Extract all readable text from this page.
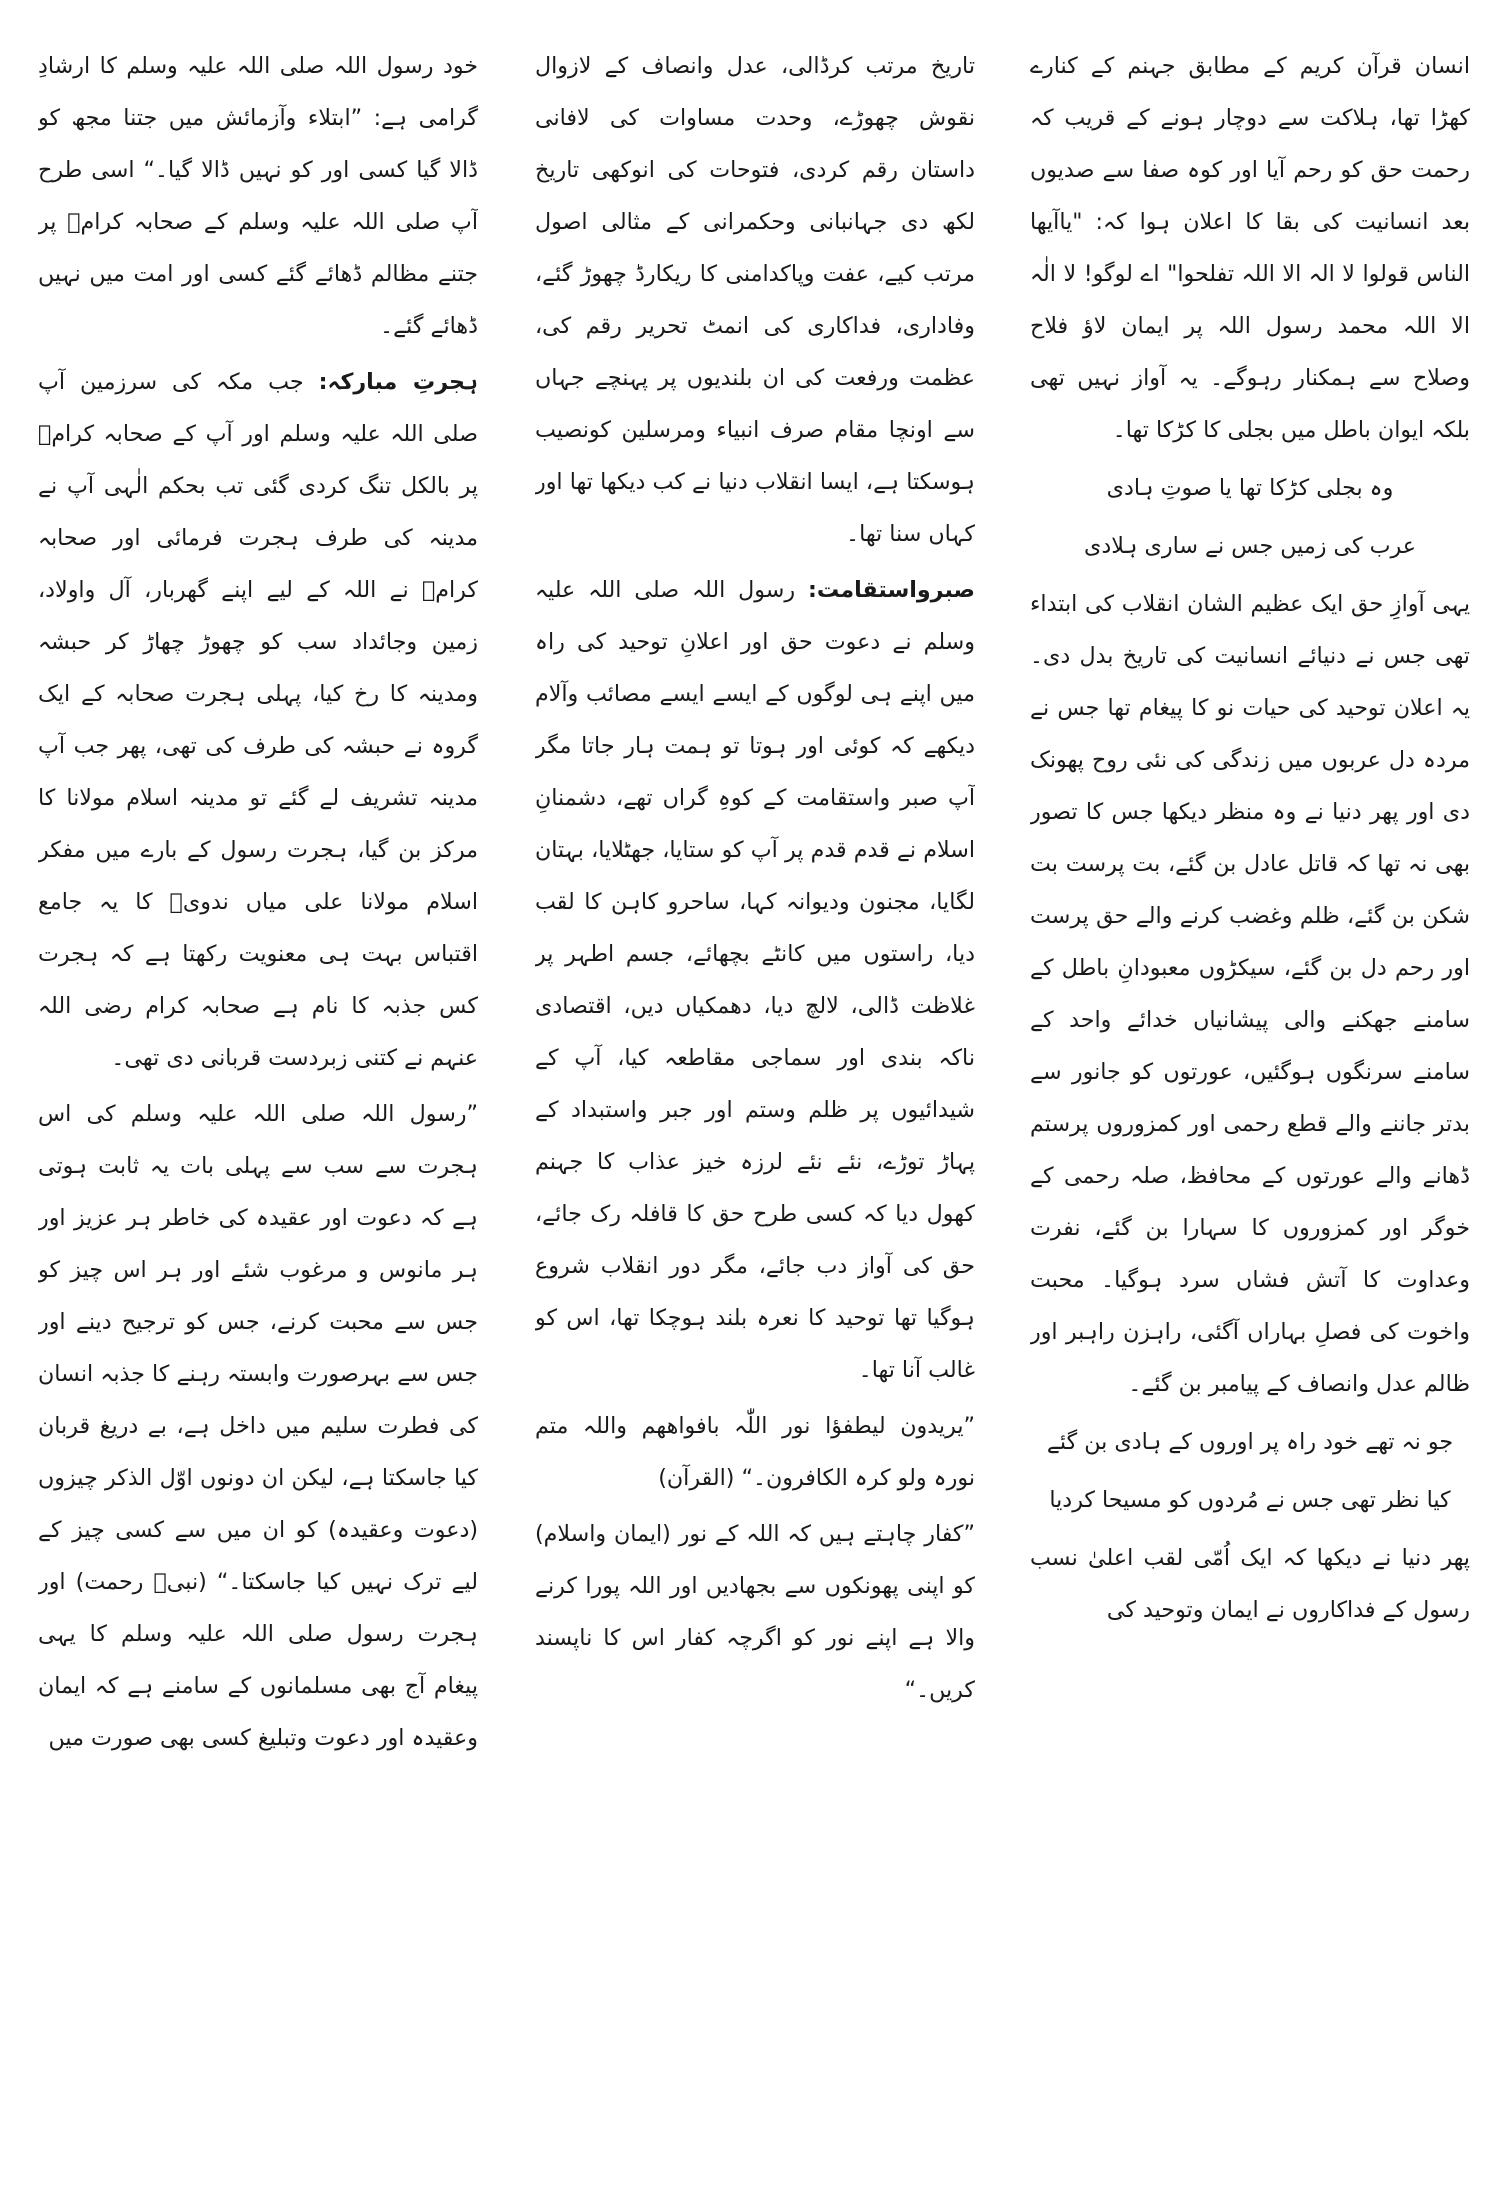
انسان قرآن کریم کے مطابق جہنم کے کنارے کھڑا تھا، ہلاکت سے دوچار ہونے کے قریب کہ رحمت حق کو رحم آیا اور کوہ صفا سے صدیوں بعد انسانیت کی بقا کا اعلان ہوا کہ: "یاآیھا الناس قولوا لا الہ الا اللہ تفلحوا" اے لوگو! لا الٰہ الا اللہ محمد رسول اللہ پر ایمان لاؤ فلاح وصلاح سے ہمکنار رہوگے۔ یہ آواز نہیں تھی بلکہ ایوان باطل میں بجلی کا کڑکا تھا۔

وہ بجلی کڑکا تھا یا صوتِ ہادی

عرب کی زمیں جس نے ساری ہلادی

یہی آوازِ حق ایک عظیم الشان انقلاب کی ابتداء تھی جس نے دنیائے انسانیت کی تاریخ بدل دی۔ یہ اعلان توحید کی حیات نو کا پیغام تھا جس نے مردہ دل عربوں میں زندگی کی نئی روح پھونک دی اور پھر دنیا نے وہ منظر دیکھا جس کا تصور بھی نہ تھا کہ قاتل عادل بن گئے، بت پرست بت شکن بن گئے، ظلم وغضب کرنے والے حق پرست اور رحم دل بن گئے، سیکڑوں معبودانِ باطل کے سامنے جھکنے والی پیشانیاں خدائے واحد کے سامنے سرنگوں ہوگئیں، عورتوں کو جانور سے بدتر جاننے والے قطع رحمی اور کمزوروں پرستم ڈھانے والے عورتوں کے محافظ، صلہ رحمی کے خوگر اور کمزوروں کا سہارا بن گئے، نفرت وعداوت کا آتش فشاں سرد ہوگیا۔ محبت واخوت کی فصلِ بہاراں آگئی، راہزن راہبر اور ظالم عدل وانصاف کے پیامبر بن گئے۔

جو نہ تھے خود راہ پر اوروں کے ہادی بن گئے

کیا نظر تھی جس نے مُردوں کو مسیحا کردیا

پھر دنیا نے دیکھا کہ ایک اُمّی لقب اعلیٰ نسب رسول کے فداکاروں نے ایمان وتوحید کی

تاریخ مرتب کرڈالی، عدل وانصاف کے لازوال نقوش چھوڑے، وحدت مساوات کی لافانی داستان رقم کردی، فتوحات کی انوکھی تاریخ لکھ دی جہانبانی وحکمرانی کے مثالی اصول مرتب کیے، عفت وپاکدامنی کا ریکارڈ چھوڑ گئے، وفاداری، فداکاری کی انمٹ تحریر رقم کی، عظمت ورفعت کی ان بلندیوں پر پہنچے جہاں سے اونچا مقام صرف انبیاء ومرسلین کونصیب ہوسکتا ہے، ایسا انقلاب دنیا نے کب دیکھا تھا اور کہاں سنا تھا۔

صبرواستقامت: رسول اللہ صلی اللہ علیہ وسلم نے دعوت حق اور اعلانِ توحید کی راہ میں اپنے ہی لوگوں کے ایسے ایسے مصائب وآلام دیکھے کہ کوئی اور ہوتا تو ہمت ہار جاتا مگر آپ صبر واستقامت کے کوہِ گراں تھے، دشمنانِ اسلام نے قدم قدم پر آپ کو ستایا، جھٹلایا، بہتان لگایا، مجنون ودیوانہ کہا، ساحرو کاہن کا لقب دیا، راستوں میں کانٹے بچھائے، جسم اطہر پر غلاظت ڈالی، لالچ دیا، دھمکیاں دیں، اقتصادی ناکہ بندی اور سماجی مقاطعہ کیا، آپ کے شیدائیوں پر ظلم وستم اور جبر واستبداد کے پہاڑ توڑے، نئے نئے لرزہ خیز عذاب کا جہنم کھول دیا کہ کسی طرح حق کا قافلہ رک جائے، حق کی آواز دب جائے، مگر دور انقلاب شروع ہوگیا تھا توحید کا نعرہ بلند ہوچکا تھا، اس کو غالب آنا تھا۔

”یریدون لیطفؤا نور اللّٰہ بافواھھم واللہ متم نورہ ولو کرہ الکافرون۔“ (القرآن)

”کفار چاہتے ہیں کہ اللہ کے نور (ایمان واسلام) کو اپنی پھونکوں سے بجھادیں اور اللہ پورا کرنے والا ہے اپنے نور کو اگرچہ کفار اس کا ناپسند کریں۔“

خود رسول اللہ صلی اللہ علیہ وسلم کا ارشادِ گرامی ہے: ”ابتلاء وآزمائش میں جتنا مجھ کو ڈالا گیا کسی اور کو نہیں ڈالا گیا۔“ اسی طرح آپ صلی اللہ علیہ وسلم کے صحابہ کرامؓ پر جتنے مظالم ڈھائے گئے کسی اور امت میں نہیں ڈھائے گئے۔

ہجرتِ مبارکہ: جب مکہ کی سرزمین آپ صلی اللہ علیہ وسلم اور آپ کے صحابہ کرامؓ پر بالکل تنگ کردی گئی تب بحکم الٰہی آپ نے مدینہ کی طرف ہجرت فرمائی اور صحابہ کرامؓ نے اللہ کے لیے اپنے گھربار، آل واولاد، زمین وجائداد سب کو چھوڑ چھاڑ کر حبشہ ومدینہ کا رخ کیا، پہلی ہجرت صحابہ کے ایک گروہ نے حبشہ کی طرف کی تھی، پھر جب آپ مدینہ تشریف لے گئے تو مدینہ اسلام مولانا کا مرکز بن گیا، ہجرت رسول کے بارے میں مفکر اسلام مولانا علی میاں ندویؒ کا یہ جامع اقتباس بہت ہی معنویت رکھتا ہے کہ ہجرت کس جذبہ کا نام ہے صحابہ کرام رضی اللہ عنہم نے کتنی زبردست قربانی دی تھی۔

”رسول اللہ صلی اللہ علیہ وسلم کی اس ہجرت سے سب سے پہلی بات یہ ثابت ہوتی ہے کہ دعوت اور عقیدہ کی خاطر ہر عزیز اور ہر مانوس و مرغوب شئے اور ہر اس چیز کو جس سے محبت کرنے، جس کو ترجیح دینے اور جس سے بہرصورت وابستہ رہنے کا جذبہ انسان کی فطرت سلیم میں داخل ہے، بے دریغ قربان کیا جاسکتا ہے، لیکن ان دونوں اوّل الذکر چیزوں (دعوت وعقیدہ) کو ان میں سے کسی چیز کے لیے ترک نہیں کیا جاسکتا۔“ (نبیؐ رحمت) اور ہجرت رسول صلی اللہ علیہ وسلم کا یہی پیغام آج بھی مسلمانوں کے سامنے ہے کہ ایمان وعقیدہ اور دعوت وتبلیغ کسی بھی صورت میں
